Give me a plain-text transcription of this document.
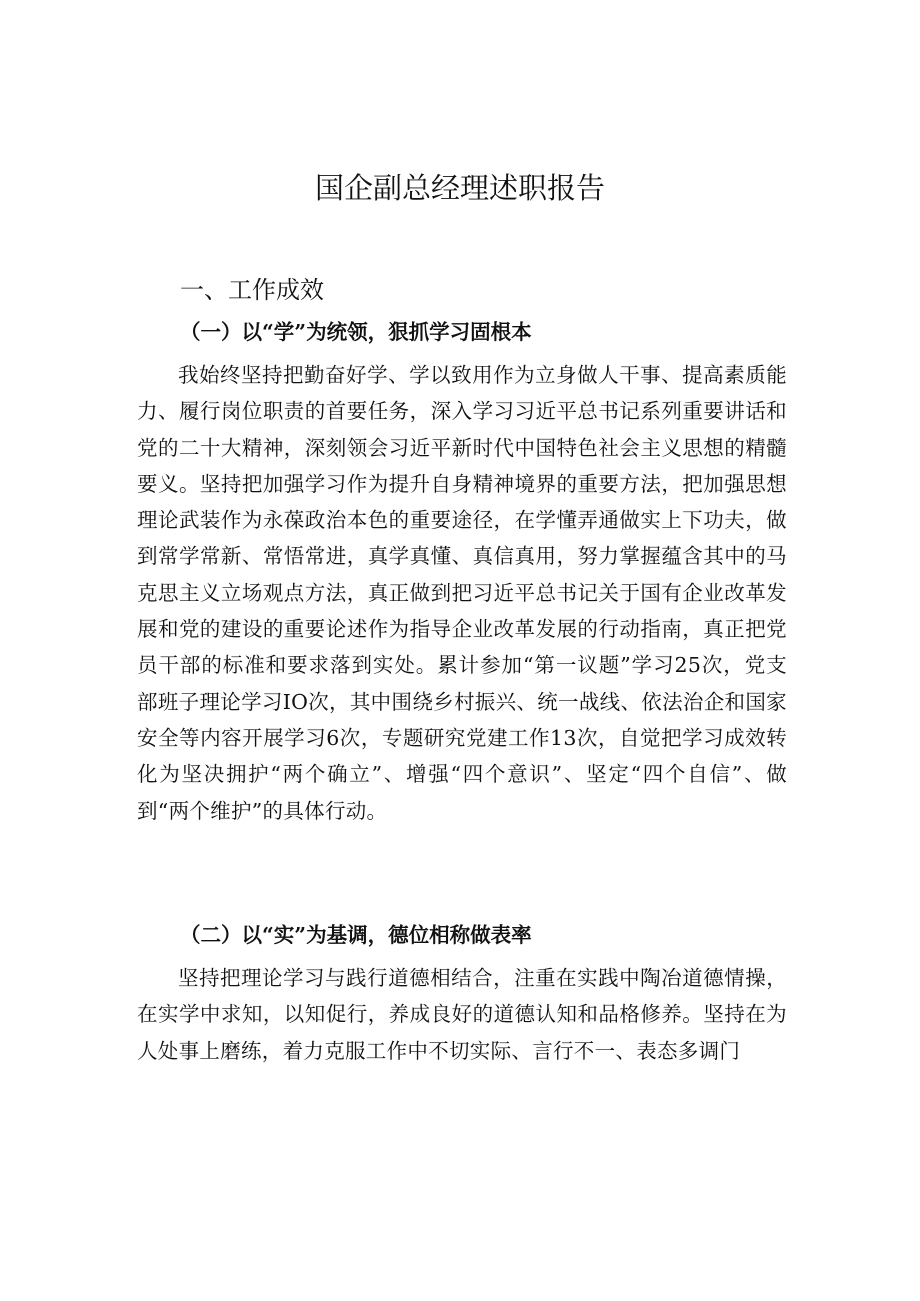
国企副总经理述职报告
一、工作成效
（一）以“学”为统领，狠抓学习固根本

我始终坚持把勤奋好学、学以致用作为立身做人干事、提高素质能力、履行岗位职责的首要任务，深入学习习近平总书记系列重要讲话和党的二十大精神，深刻领会习近平新时代中国特色社会主义思想的精髓要义。坚持把加强学习作为提升自身精神境界的重要方法，把加强思想理论武装作为永葆政治本色的重要途径，在学懂弄通做实上下功夫，做到常学常新、常悟常进，真学真懂、真信真用，努力掌握蕴含其中的马克思主义立场观点方法，真正做到把习近平总书记关于国有企业改革发展和党的建设的重要论述作为指导企业改革发展的行动指南，真正把党员干部的标准和要求落到实处。累计参加“第一议题”学习25次，党支部班子理论学习IO次，其中围绕乡村振兴、统一战线、依法治企和国家安全等内容开展学习6次，专题研究党建工作13次，自觉把学习成效转化为坚决拥护“两个确立”、增强“四个意识”、坚定“四个自信”、做到“两个维护”的具体行动。

（二）以“实”为基调，德位相称做表率

坚持把理论学习与践行道德相结合，注重在实践中陶冶道德情操，在实学中求知，以知促行，养成良好的道德认知和品格修养。坚持在为人处事上磨练，着力克服工作中不切实际、言行不一、表态多调门
